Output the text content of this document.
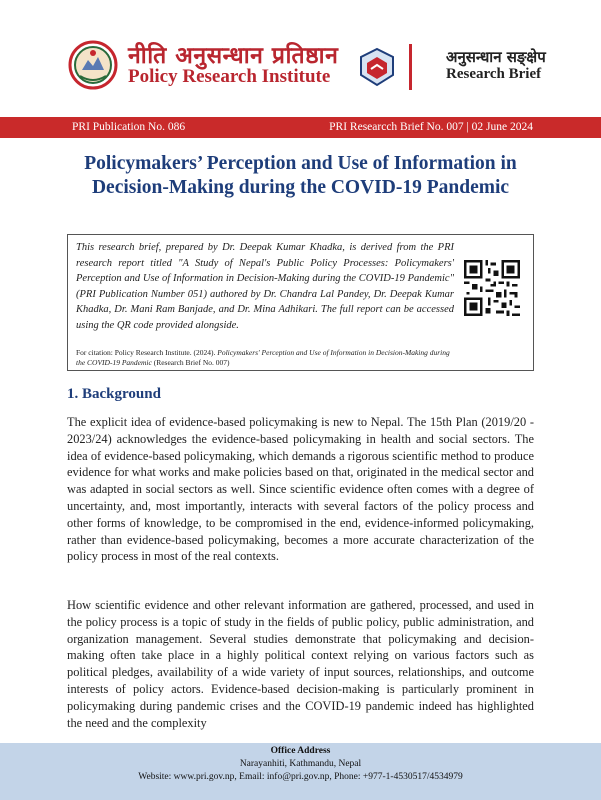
नीति अनुसन्धान प्रतिष्ठान
Policy Research Institute
अनुसन्धान सङ्क्षेप
Research Brief
PRI Publication No. 086	PRI Researcch Brief No. 007 | 02 June 2024
Policymakers’ Perception and Use of Information in Decision-Making during the COVID-19 Pandemic
This research brief, prepared by Dr. Deepak Kumar Khadka, is derived from the PRI research report titled "A Study of Nepal's Public Policy Processes: Policymakers' Perception and Use of Information in Decision-Making during the COVID-19 Pandemic"(PRI Publication Number 051) authored by Dr. Chandra Lal Pandey, Dr. Deepak Kumar Khadka, Dr. Mani Ram Banjade, and Dr. Mina Adhikari. The full report can be accessed using the QR code provided alongside.
For citation: Policy Research Institute. (2024). Policymakers' Perception and Use of Information in Decision-Making during the COVID-19 Pandemic (Research Brief No. 007)
1. Background

The explicit idea of evidence-based policymaking is new to Nepal. The 15th Plan (2019/20 - 2023/24) acknowledges the evidence-based policymaking in health and social sectors. The idea of evidence-based policymaking, which demands a rigorous scientific method to produce evidence for what works and make policies based on that, originated in the medical sector and was adapted in social sectors as well. Since scientific evidence often comes with a degree of uncertainty, and, most importantly, interacts with several factors of the policy process and other forms of knowledge, to be compromised in the end, evidence-informed policymaking, rather than evidence-based policymaking, becomes a more accurate characterization of the policy process in most of the real contexts.

How scientific evidence and other relevant information are gathered, processed, and used in the policy process is a topic of study in the fields of public policy, public administration, and organization management. Several studies demonstrate that policymaking and decision-making often take place in a highly political context relying on various factors such as political pledges, availability of a wide variety of input sources, relationships, and outcome interests of policy actors. Evidence-based decision-making is particularly prominent in policymaking during pandemic crises and the COVID-19 pandemic indeed has highlighted the need and the complexity

Office Address
Narayanhiti, Kathmandu, Nepal
Website: www.pri.gov.np, Email: info@pri.gov.np, Phone: +977-1-4530517/4534979
